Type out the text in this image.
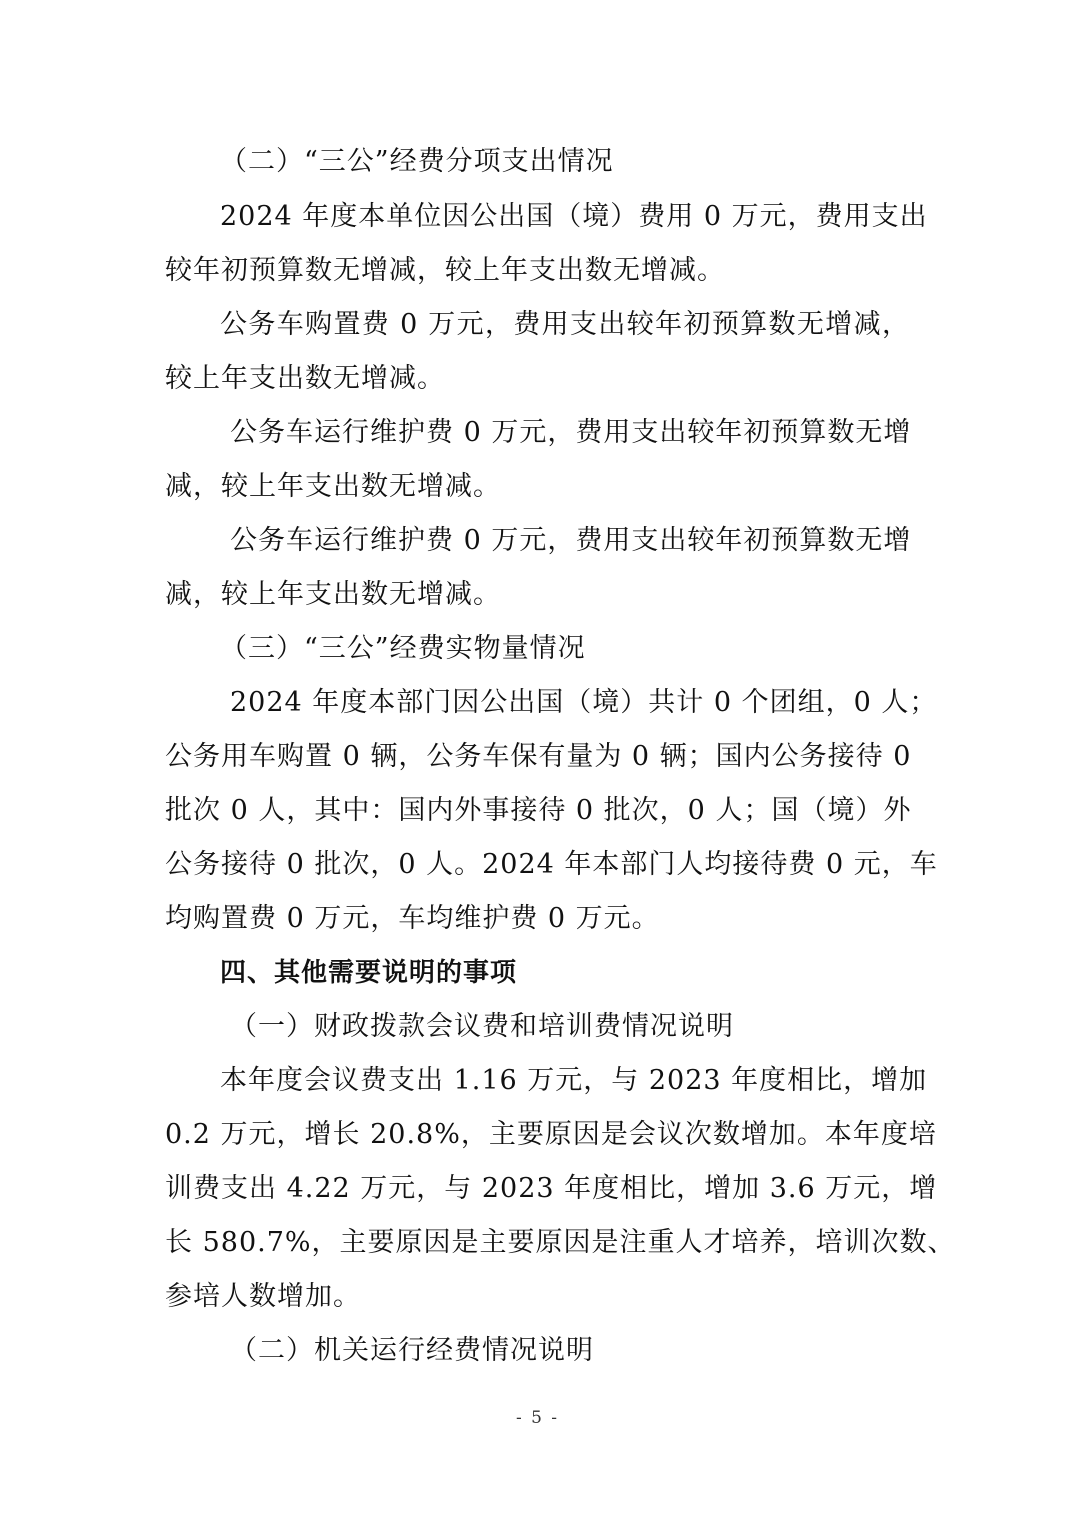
（二）“三公”经费分项支出情况
2024 年度本单位因公出国（境）费用 0 万元，费用支出
较年初预算数无增减，较上年支出数无增减。
公务车购置费 0 万元，费用支出较年初预算数无增减，
较上年支出数无增减。
公务车运行维护费 0 万元，费用支出较年初预算数无增
减，较上年支出数无增减。
公务车运行维护费 0 万元，费用支出较年初预算数无增
减，较上年支出数无增减。
（三）“三公”经费实物量情况
2024 年度本部门因公出国（境）共计 0 个团组，0 人；
公务用车购置 0 辆，公务车保有量为 0 辆；国内公务接待 0
批次 0 人，其中：国内外事接待 0 批次，0 人；国（境）外
公务接待 0 批次，0 人。2024 年本部门人均接待费 0 元，车
均购置费 0 万元，车均维护费 0 万元。
四、其他需要说明的事项
（一）财政拨款会议费和培训费情况说明
本年度会议费支出 1.16 万元，与 2023 年度相比，增加
0.2 万元，增长 20.8%，主要原因是会议次数增加。本年度培
训费支出 4.22 万元，与 2023 年度相比，增加 3.6 万元，增
长 580.7%，主要原因是主要原因是注重人才培养，培训次数、
参培人数增加。
（二）机关运行经费情况说明
- 5 -
